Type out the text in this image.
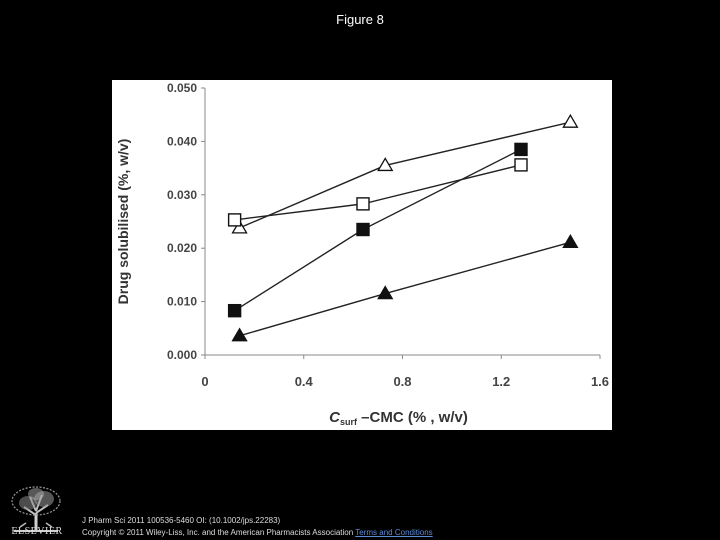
Figure 8
0.000
0.010
0.020
0.030
0.040
0.050
0	0.4	0.8	1.2	1.6
Drug solubilised (%, w/v)
$C_{surf}$ –CMC (% , w/v)
ELSEVIER
J Pharm Sci 2011 100536-5460 OI: (10.1002/jps.22283)
Copyright © 2011 Wiley-Liss, Inc. and the American Pharmacists Association Terms and Conditions
